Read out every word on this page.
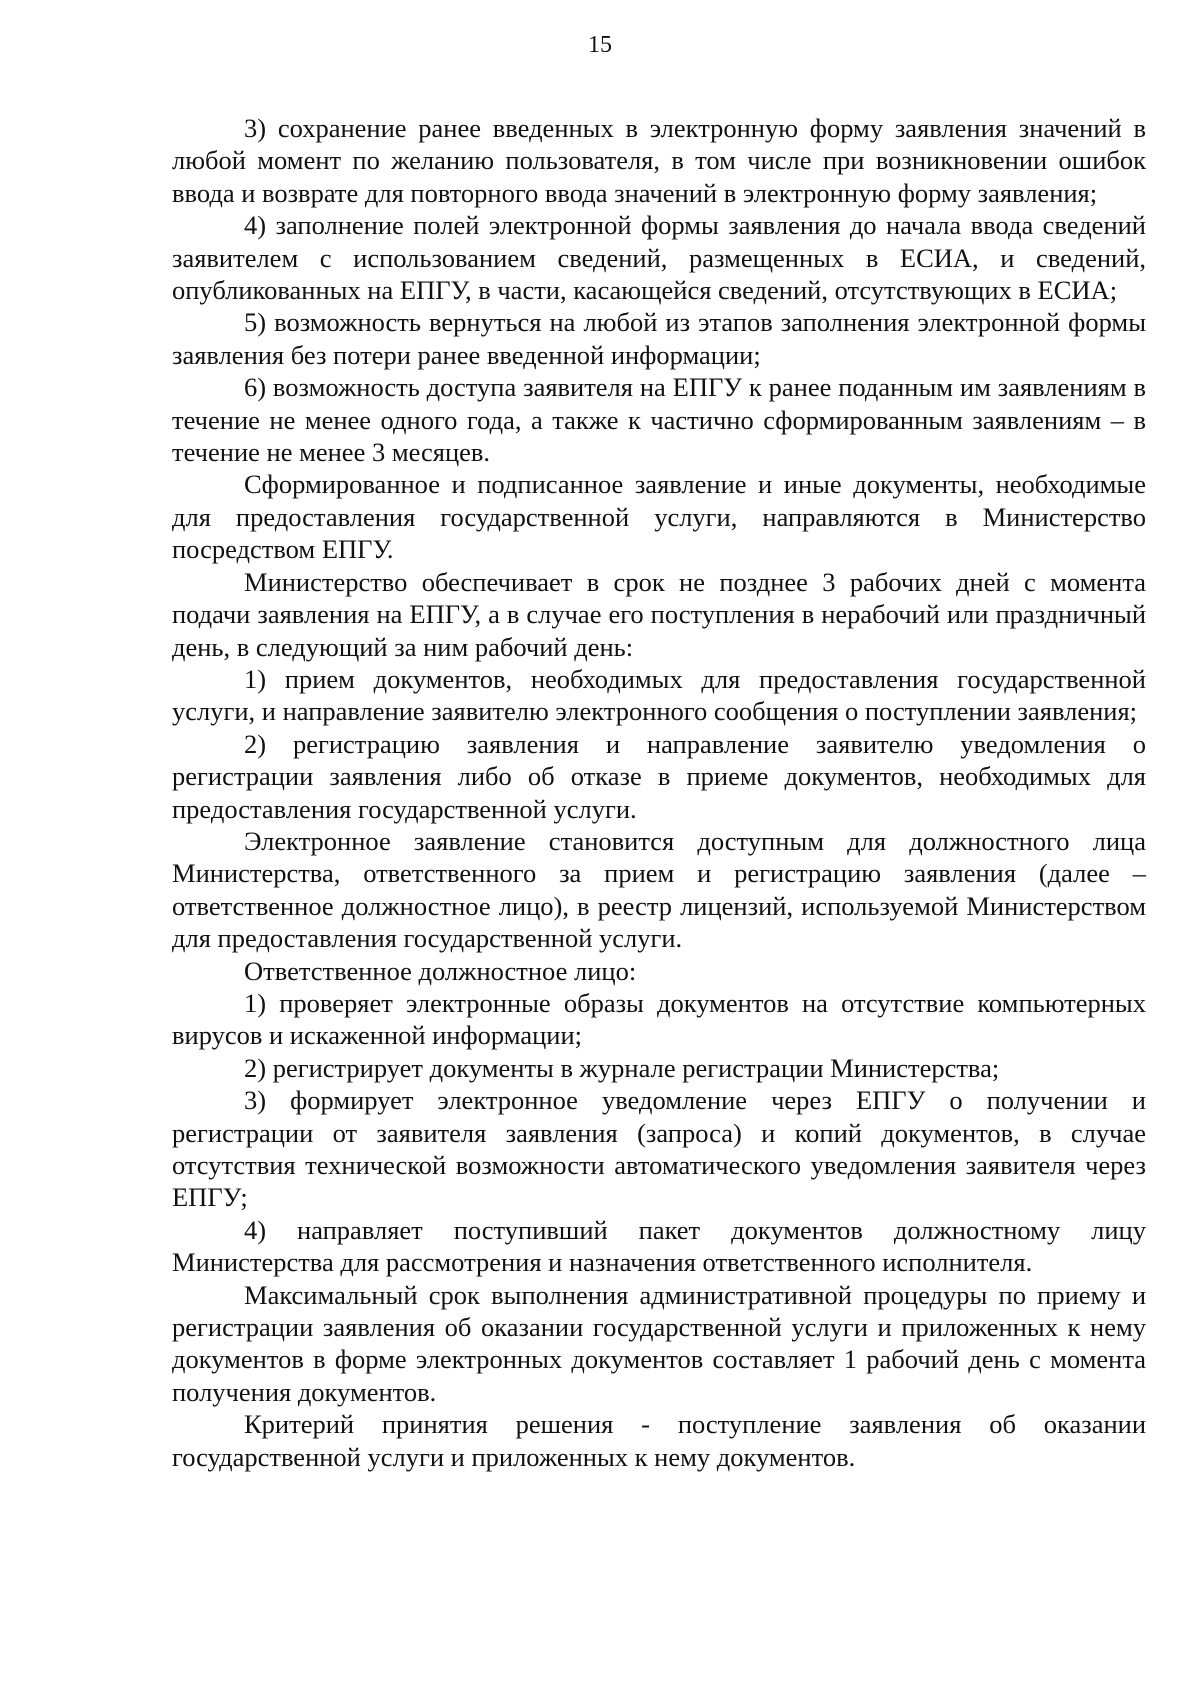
15

3) сохранение ранее введенных в электронную форму заявления значений в любой момент по желанию пользователя, в том числе при возникновении ошибок ввода и возврате для повторного ввода значений в электронную форму заявления;

4) заполнение полей электронной формы заявления до начала ввода сведений заявителем с использованием сведений, размещенных в ЕСИА, и сведений, опубликованных на ЕПГУ, в части, касающейся сведений, отсутствующих в ЕСИА;

5) возможность вернуться на любой из этапов заполнения электронной формы заявления без потери ранее введенной информации;

6) возможность доступа заявителя на ЕПГУ к ранее поданным им заявлениям в течение не менее одного года, а также к частично сформированным заявлениям – в течение не менее 3 месяцев.

Сформированное и подписанное заявление и иные документы, необходимые для предоставления государственной услуги, направляются в Министерство посредством ЕПГУ.

Министерство обеспечивает в срок не позднее 3 рабочих дней с момента подачи заявления на ЕПГУ, а в случае его поступления в нерабочий или праздничный день, в следующий за ним рабочий день:

1) прием документов, необходимых для предоставления государственной услуги, и направление заявителю электронного сообщения о поступлении заявления;

2) регистрацию заявления и направление заявителю уведомления о регистрации заявления либо об отказе в приеме документов, необходимых для предоставления государственной услуги.

Электронное заявление становится доступным для должностного лица Министерства, ответственного за прием и регистрацию заявления (далее – ответственное должностное лицо), в реестр лицензий, используемой Министерством для предоставления государственной услуги.

Ответственное должностное лицо:

1) проверяет электронные образы документов на отсутствие компьютерных вирусов и искаженной информации;

2) регистрирует документы в журнале регистрации Министерства;

3) формирует электронное уведомление через ЕПГУ о получении и регистрации от заявителя заявления (запроса) и копий документов, в случае отсутствия технической возможности автоматического уведомления заявителя через ЕПГУ;

4) направляет поступивший пакет документов должностному лицу Министерства для рассмотрения и назначения ответственного исполнителя.

Максимальный срок выполнения административной процедуры по приему и регистрации заявления об оказании государственной услуги и приложенных к нему документов в форме электронных документов составляет 1 рабочий день с момента получения документов.

Критерий принятия решения - поступление заявления об оказании государственной услуги и приложенных к нему документов.
